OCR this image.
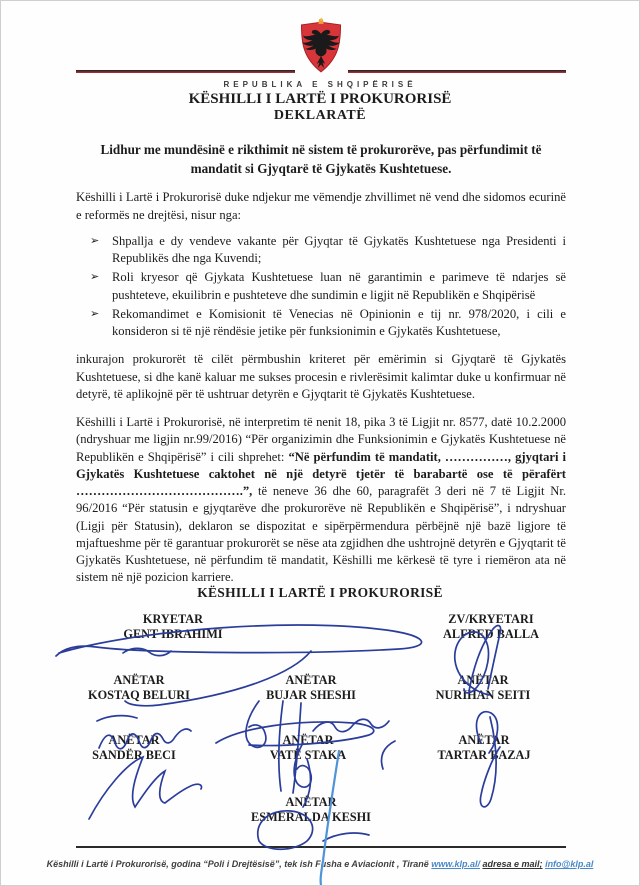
REPUBLIKA E SHQIPËRISË
KËSHILLI I LARTË I PROKURORISË
DEKLARATË

Lidhur me mundësinë e rikthimit në sistem të prokurorëve, pas përfundimit të mandatit si Gjyqtarë të Gjykatës Kushtetuese.

Këshilli i Lartë i Prokurorisë duke ndjekur me vëmendje zhvillimet në vend dhe sidomos ecurinë e reformës ne drejtësi, nisur nga:

➢	Shpallja e dy vendeve vakante për Gjyqtar të Gjykatës Kushtetuese nga Presidenti i Republikës dhe nga Kuvendi;
➢	Roli kryesor që Gjykata Kushtetuese luan në garantimin e parimeve të ndarjes së pushteteve, ekuilibrin e pushteteve dhe sundimin e ligjit në Republikën e Shqipërisë
➢	Rekomandimet e Komisionit të Venecias në Opinionin e tij nr. 978/2020, i cili e konsideron si të një rëndësie jetike për funksionimin e Gjykatës Kushtetuese,

inkurajon prokurorët të cilët përmbushin kriteret për emërimin si Gjyqtarë të Gjykatës Kushtetuese, si dhe kanë kaluar me sukses procesin e rivlerësimit kalimtar duke u konfirmuar në detyrë, të aplikojnë për të ushtruar detyrën e Gjyqtarit të Gjykatës Kushtetuese.

Këshilli i Lartë i Prokurorisë, në interpretim të nenit 18, pika 3 të Ligjit nr. 8577, datë 10.2.2000 (ndryshuar me ligjin nr.99/2016) “Për organizimin dhe Funksionimin e Gjykatës Kushtetuese në Republikën e Shqipërisë” i cili shprehet: “Në përfundim të mandatit, ……………, gjyqtari i Gjykatës Kushtetuese caktohet në një detyrë tjetër të barabartë ose të përafërt ………………………………….”, të neneve 36 dhe 60, paragrafët 3 deri në 7 të Ligjit Nr. 96/2016 “Për statusin e gjyqtarëve dhe prokurorëve në Republikën e Shqipërisë”, i ndryshuar (Ligji për Statusin), deklaron se dispozitat e sipërpërmendura përbëjnë një bazë ligjore të mjaftueshme për të garantuar prokurorët se nëse ata zgjidhen dhe ushtrojnë detyrën e Gjyqtarit të Gjykatës Kushtetuese, në përfundim të mandatit, Këshilli me kërkesë të tyre i riemëron ata në sistem në një pozicion karriere.

KËSHILLI I LARTË I PROKURORISË
KRYETAR
GENT IBRAHIMI
ZV/KRYETARI
ALFRED BALLA
ANËTAR
KOSTAQ BELURI
ANËTAR
BUJAR SHESHI
ANËTAR
NURIHAN SEITI
ANËTAR
SANDËR BECI
ANËTAR
VATË STAKA
ANËTAR
TARTAR BAZAJ
ANËTAR
ESMERALDA KESHI
Këshilli i Lartë i Prokurorisë, godina “Poli i Drejtësisë”, tek ish Fusha e Aviacionit , Tiranë www.klp.al/ adresa e mail; info@klp.al
